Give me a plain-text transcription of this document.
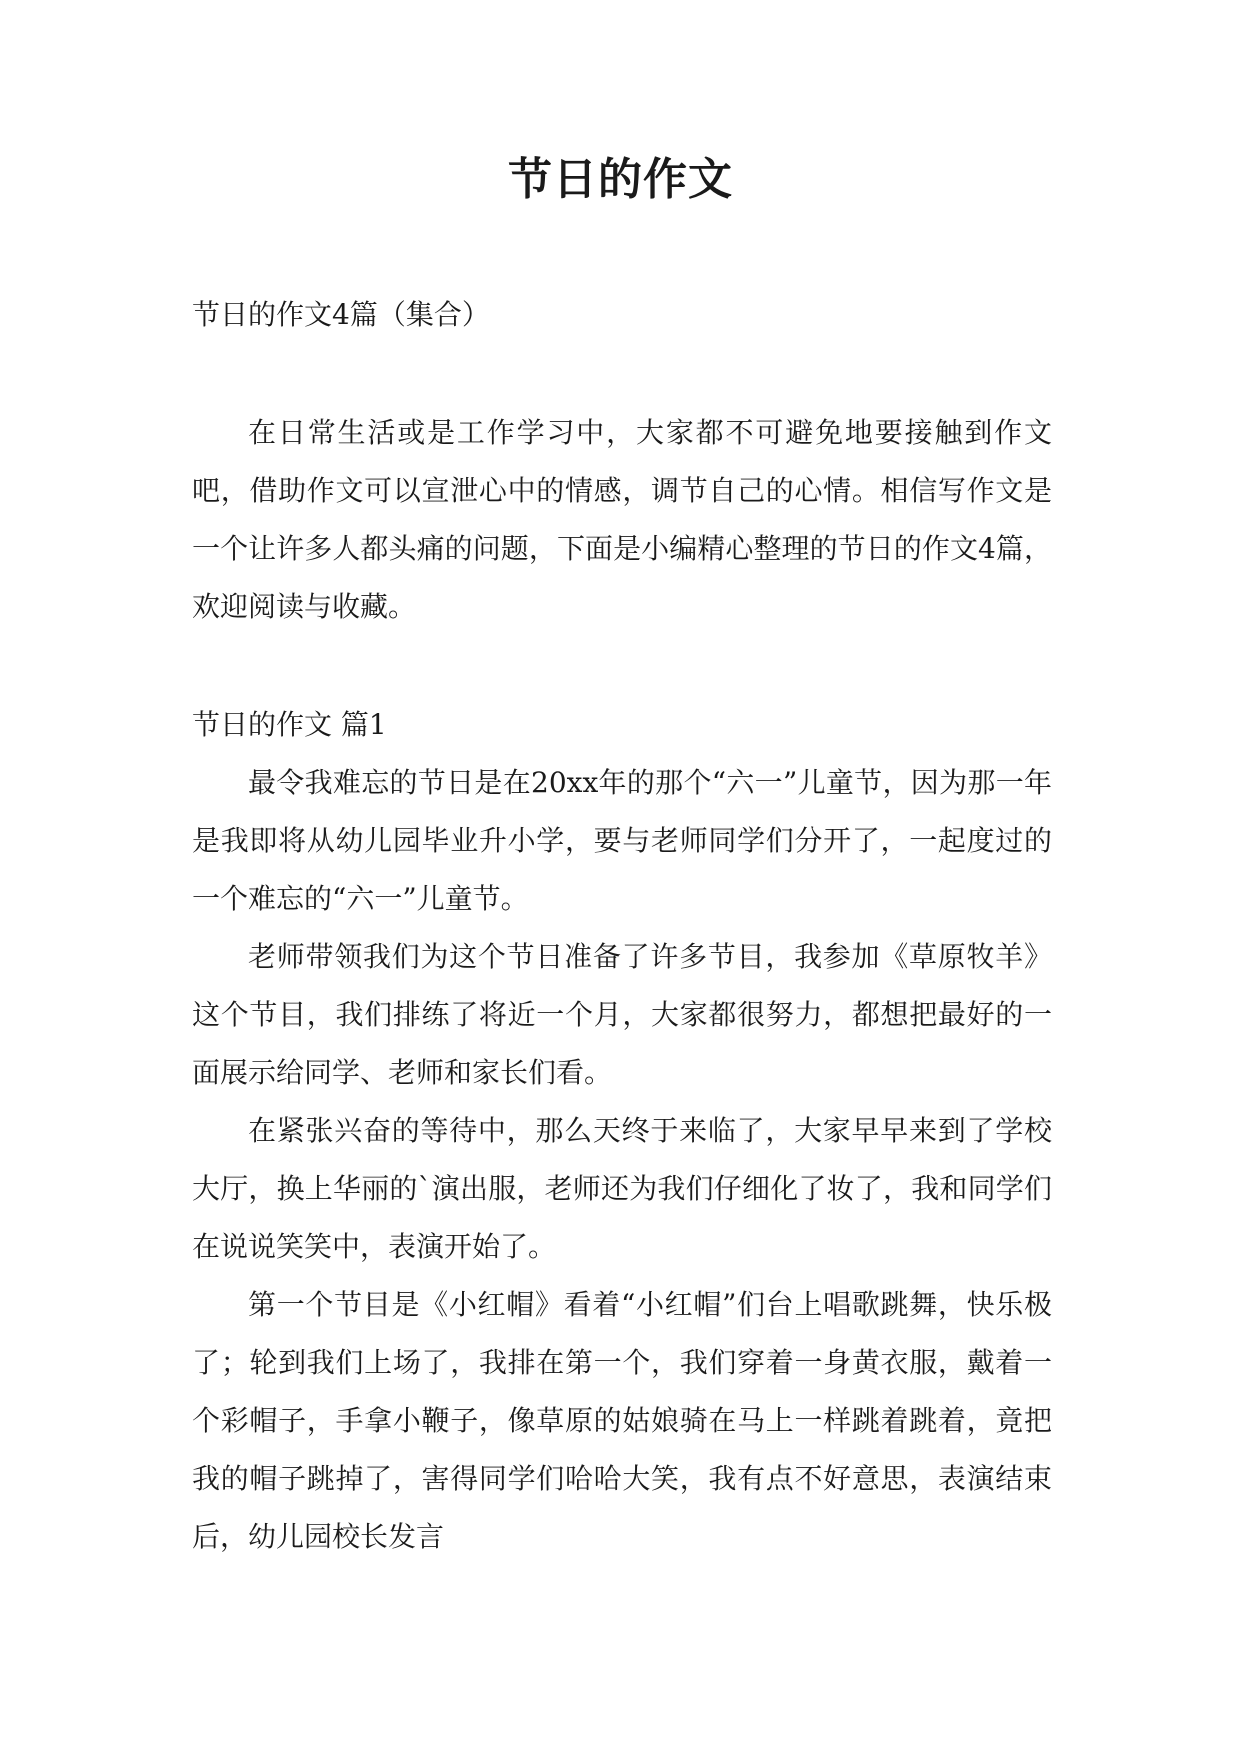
节日的作文
节日的作文4篇（集合）

在日常生活或是工作学习中，大家都不可避免地要接触到作文吧，借助作文可以宣泄心中的情感，调节自己的心情。相信写作文是一个让许多人都头痛的问题，下面是小编精心整理的节日的作文4篇，欢迎阅读与收藏。

节日的作文 篇1

最令我难忘的节日是在20xx年的那个“六一”儿童节，因为那一年是我即将从幼儿园毕业升小学，要与老师同学们分开了，一起度过的一个难忘的“六一”儿童节。

老师带领我们为这个节日准备了许多节目，我参加《草原牧羊》这个节目，我们排练了将近一个月，大家都很努力，都想把最好的一面展示给同学、老师和家长们看。

在紧张兴奋的等待中，那么天终于来临了，大家早早来到了学校大厅，换上华丽的`演出服，老师还为我们仔细化了妆了，我和同学们在说说笑笑中，表演开始了。

第一个节目是《小红帽》看着“小红帽”们台上唱歌跳舞，快乐极了；轮到我们上场了，我排在第一个，我们穿着一身黄衣服，戴着一个彩帽子，手拿小鞭子，像草原的姑娘骑在马上一样跳着跳着，竟把我的帽子跳掉了，害得同学们哈哈大笑，我有点不好意思，表演结束后，幼儿园校长发言
